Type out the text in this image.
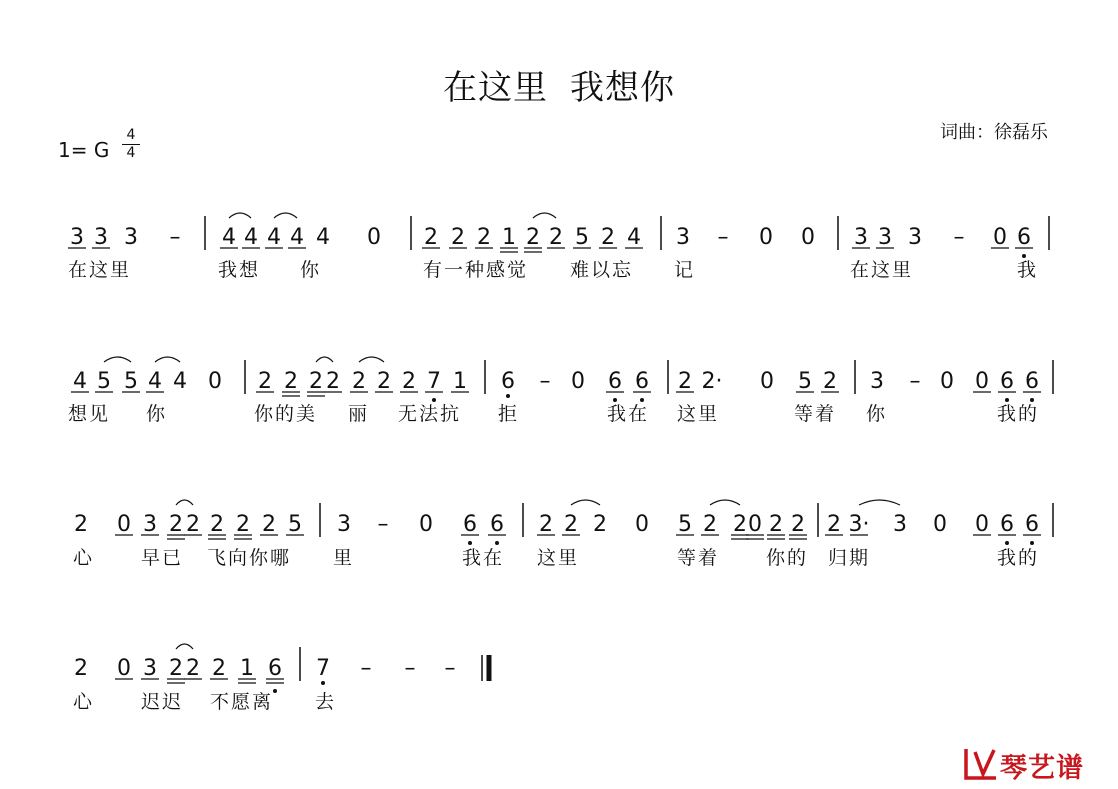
在这里 我想你
词曲：徐磊乐
1= G
4
4
3 3 3 – 4 4 4 4 4 0 2 2 2 1 2 2 5 2 4 3 – 0 0 3 3 3 – 0 6
在这里	我想 你	有一种感觉 难以忘 记	在这里	我
4 5 5 4 4 0 2 2 2 2 2 2 2 7 1 6 – 0 6 6 2 2· 0 5 2 3 – 0 0 6 6
想见 你	你的美 丽 无法抗 拒	我在 这里	等着 你	我的
2 0 3 2 2 2 2 2 5 3 – 0 6 6 2 2 2 0 5 2 2 0 2 2 2 3· 3 0 0 6 6
心 早已 飞向你哪 里	我在 这里	等着 你的 归期	我的
2 0 3 2 2 2 1 6 7 – – –
心 迟迟 不愿离 去
琴艺谱
